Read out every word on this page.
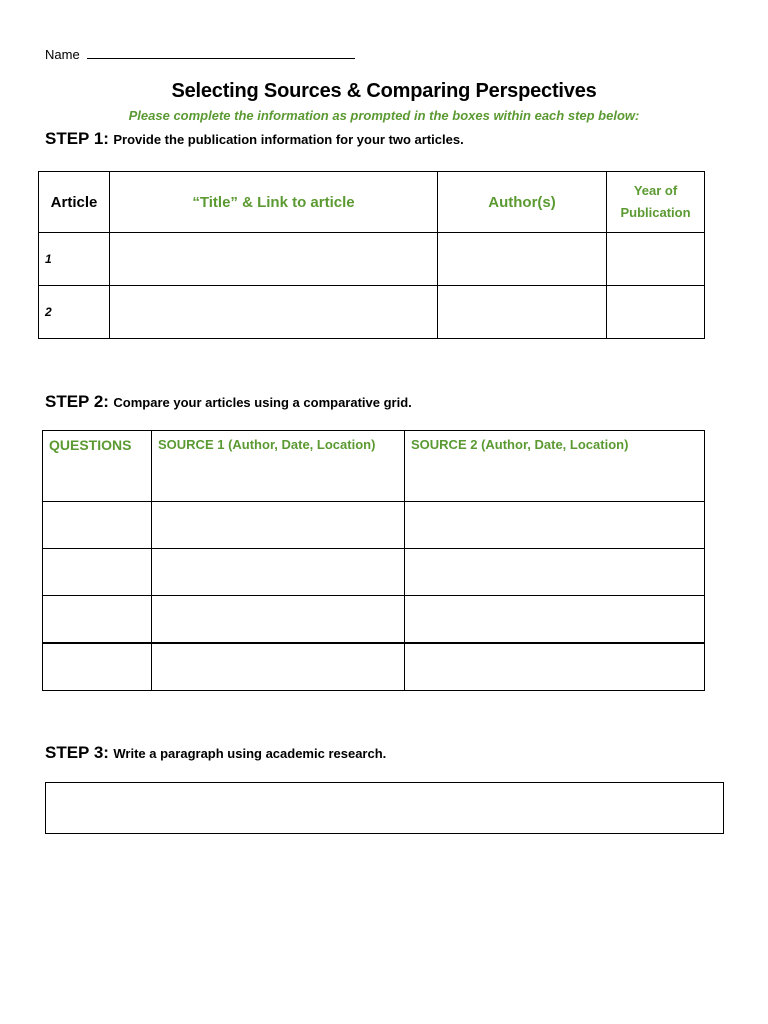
Name
Selecting Sources & Comparing Perspectives
Please complete the information as prompted in the boxes within each step below:
STEP 1: Provide the publication information for your two articles.
Article	“Title” & Link to article	Author(s)	Year of
Publication
1			
2			
STEP 2: Compare your articles using a comparative grid.
QUESTIONS	SOURCE 1 (Author, Date, Location)	SOURCE 2 (Author, Date, Location)

STEP 3: Write a paragraph using academic research.
